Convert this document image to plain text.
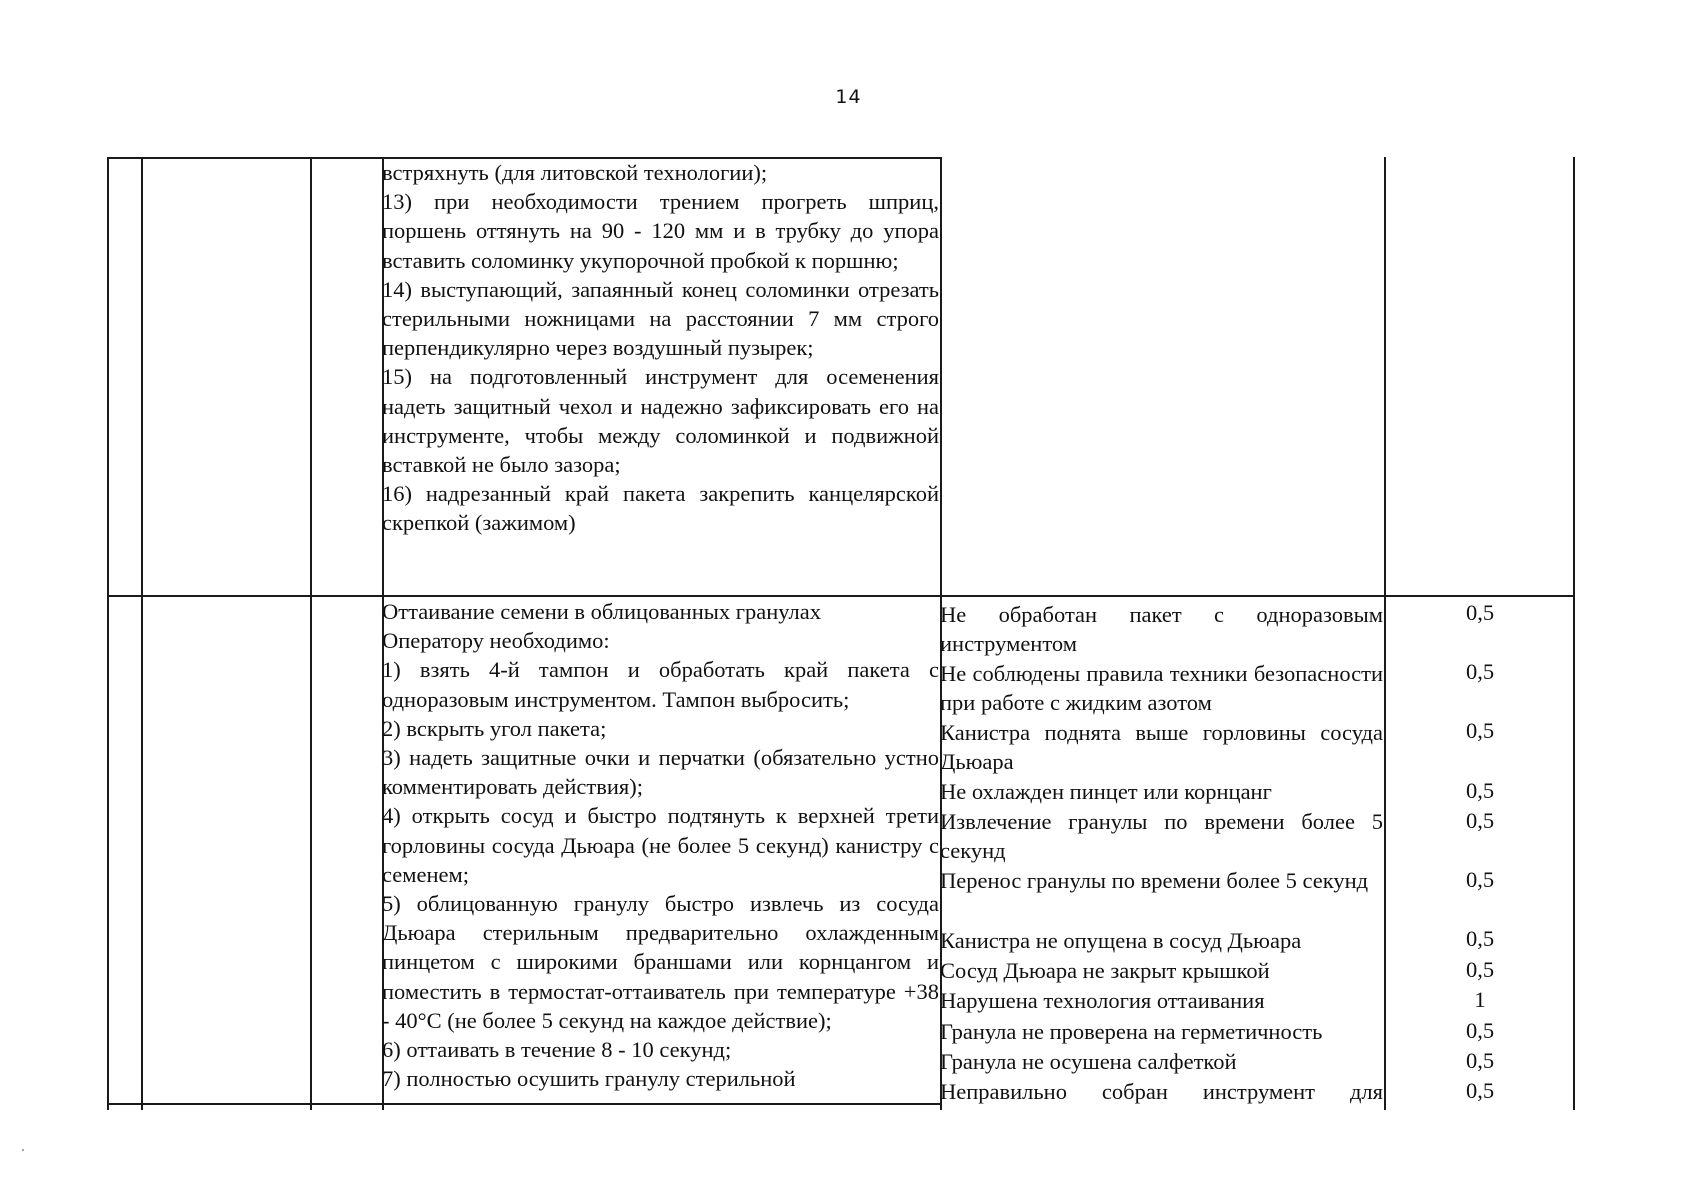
14

встряхнуть (для литовской технологии);

13) при необходимости трением прогреть шприц, поршень оттянуть на 90 - 120 мм и в трубку до упора вставить соломинку укупорочной пробкой к поршню;

14) выступающий, запаянный конец соломинки отрезать стерильными ножницами на расстоянии 7 мм строго перпендикулярно через воздушный пузырек;

15) на подготовленный инструмент для осеменения надеть защитный чехол и надежно зафиксировать его на инструменте, чтобы между соломинкой и подвижной вставкой не было зазора;

16) надрезанный край пакета закрепить канцелярской скрепкой (зажимом)

Оттаивание семени в облицованных гранулах

Оператору необходимо:

1) взять 4-й тампон и обработать край пакета с одноразовым инструментом. Тампон выбросить;

2) вскрыть угол пакета;

3) надеть защитные очки и перчатки (обязательно устно комментировать действия);

4) открыть сосуд и быстро подтянуть к верхней трети горловины сосуда Дьюара (не более 5 секунд) канистру с семенем;

5) облицованную гранулу быстро извлечь из сосуда Дьюара стерильным предварительно охлажденным пинцетом с широкими браншами или корнцангом и поместить в термостат-оттаиватель при температуре +38 - 40°С (не более 5 секунд на каждое действие);

6) оттаивать в течение 8 - 10 секунд;

7) полностью осушить гранулу стерильной

Не обработан пакет с одноразовым инструментом
0,5
Не соблюдены правила техники безопасности при работе с жидким азотом
0,5
Канистра поднята выше горловины сосуда Дьюара
0,5
Не охлажден пинцет или корнцанг	0,5
Извлечение гранулы по времени более 5 секунд
0,5
Перенос гранулы по времени более 5 секунд	0,5
Канистра не опущена в сосуд Дьюара	0,5
Сосуд Дьюара не закрыт крышкой	0,5
Нарушена технология оттаивания	1
Гранула не проверена на герметичность	0,5
Гранула не осушена салфеткой	0,5
Неправильно собран инструмент для	0,5
